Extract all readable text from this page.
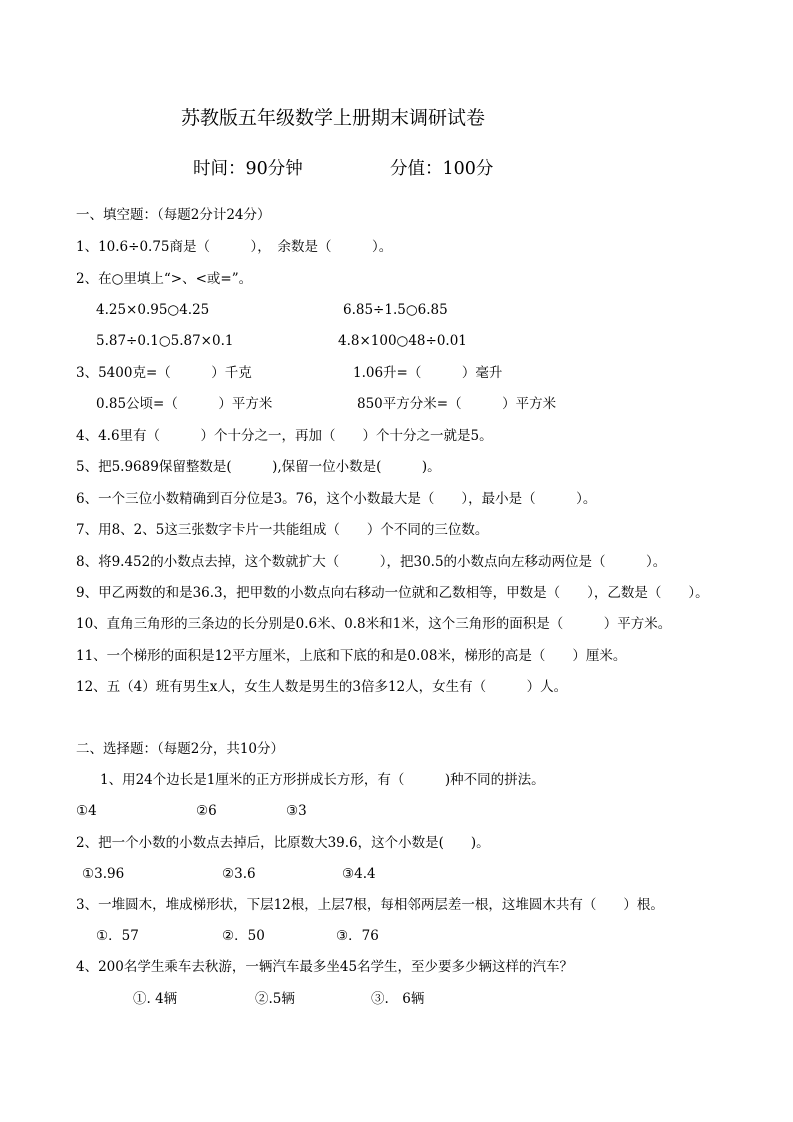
苏教版五年级数学上册期末调研试卷
时间：90分钟	分值：100分
一、填空题：（每题2分计24分）
1、10.6÷0.75商是（　　　），　余数是（　　　）。
2、在○里填上“>、<或=”。
4.25×0.95○4.25	6.85÷1.5○6.85
5.87÷0.1○5.87×0.1	4.8×100○48÷0.01
3、5400克=（　　　）千克	1.06升=（　　　）毫升
0.85公顷=（　　　）平方米	850平方分米=（　　　）平方米
4、4.6里有（　　　）个十分之一，再加（　　）个十分之一就是5。
5、把5.9689保留整数是(　　　),保留一位小数是(　　　)。
6、一个三位小数精确到百分位是3。76，这个小数最大是（　　），最小是（　　　）。
7、用8、2、5这三张数字卡片一共能组成（　　）个不同的三位数。
8、将9.452的小数点去掉，这个数就扩大（　　　），把30.5的小数点向左移动两位是（　　　）。
9、甲乙两数的和是36.3，把甲数的小数点向右移动一位就和乙数相等，甲数是（　　），乙数是（　　）。
10、直角三角形的三条边的长分别是0.6米、0.8米和1米，这个三角形的面积是（　　　）平方米。
11、一个梯形的面积是12平方厘米，上底和下底的和是0.08米，梯形的高是（　　）厘米。
12、五（4）班有男生x人，女生人数是男生的3倍多12人，女生有（　　　）人。
二、选择题：（每题2分，共10分）
1、用24个边长是1厘米的正方形拼成长方形，有（　　　)种不同的拼法。
①4	②6	③3
2、把一个小数的小数点去掉后，比原数大39.6，这个小数是(　　)。
①3.96	②3.6	③4.4
3、一堆圆木，堆成梯形状，下层12根，上层7根，每相邻两层差一根，这堆圆木共有（　　）根。
①．57	②．50	③．76
4、200名学生乘车去秋游，一辆汽车最多坐45名学生，至少要多少辆这样的汽车？
①. 4辆	②.5辆	③.　6辆
